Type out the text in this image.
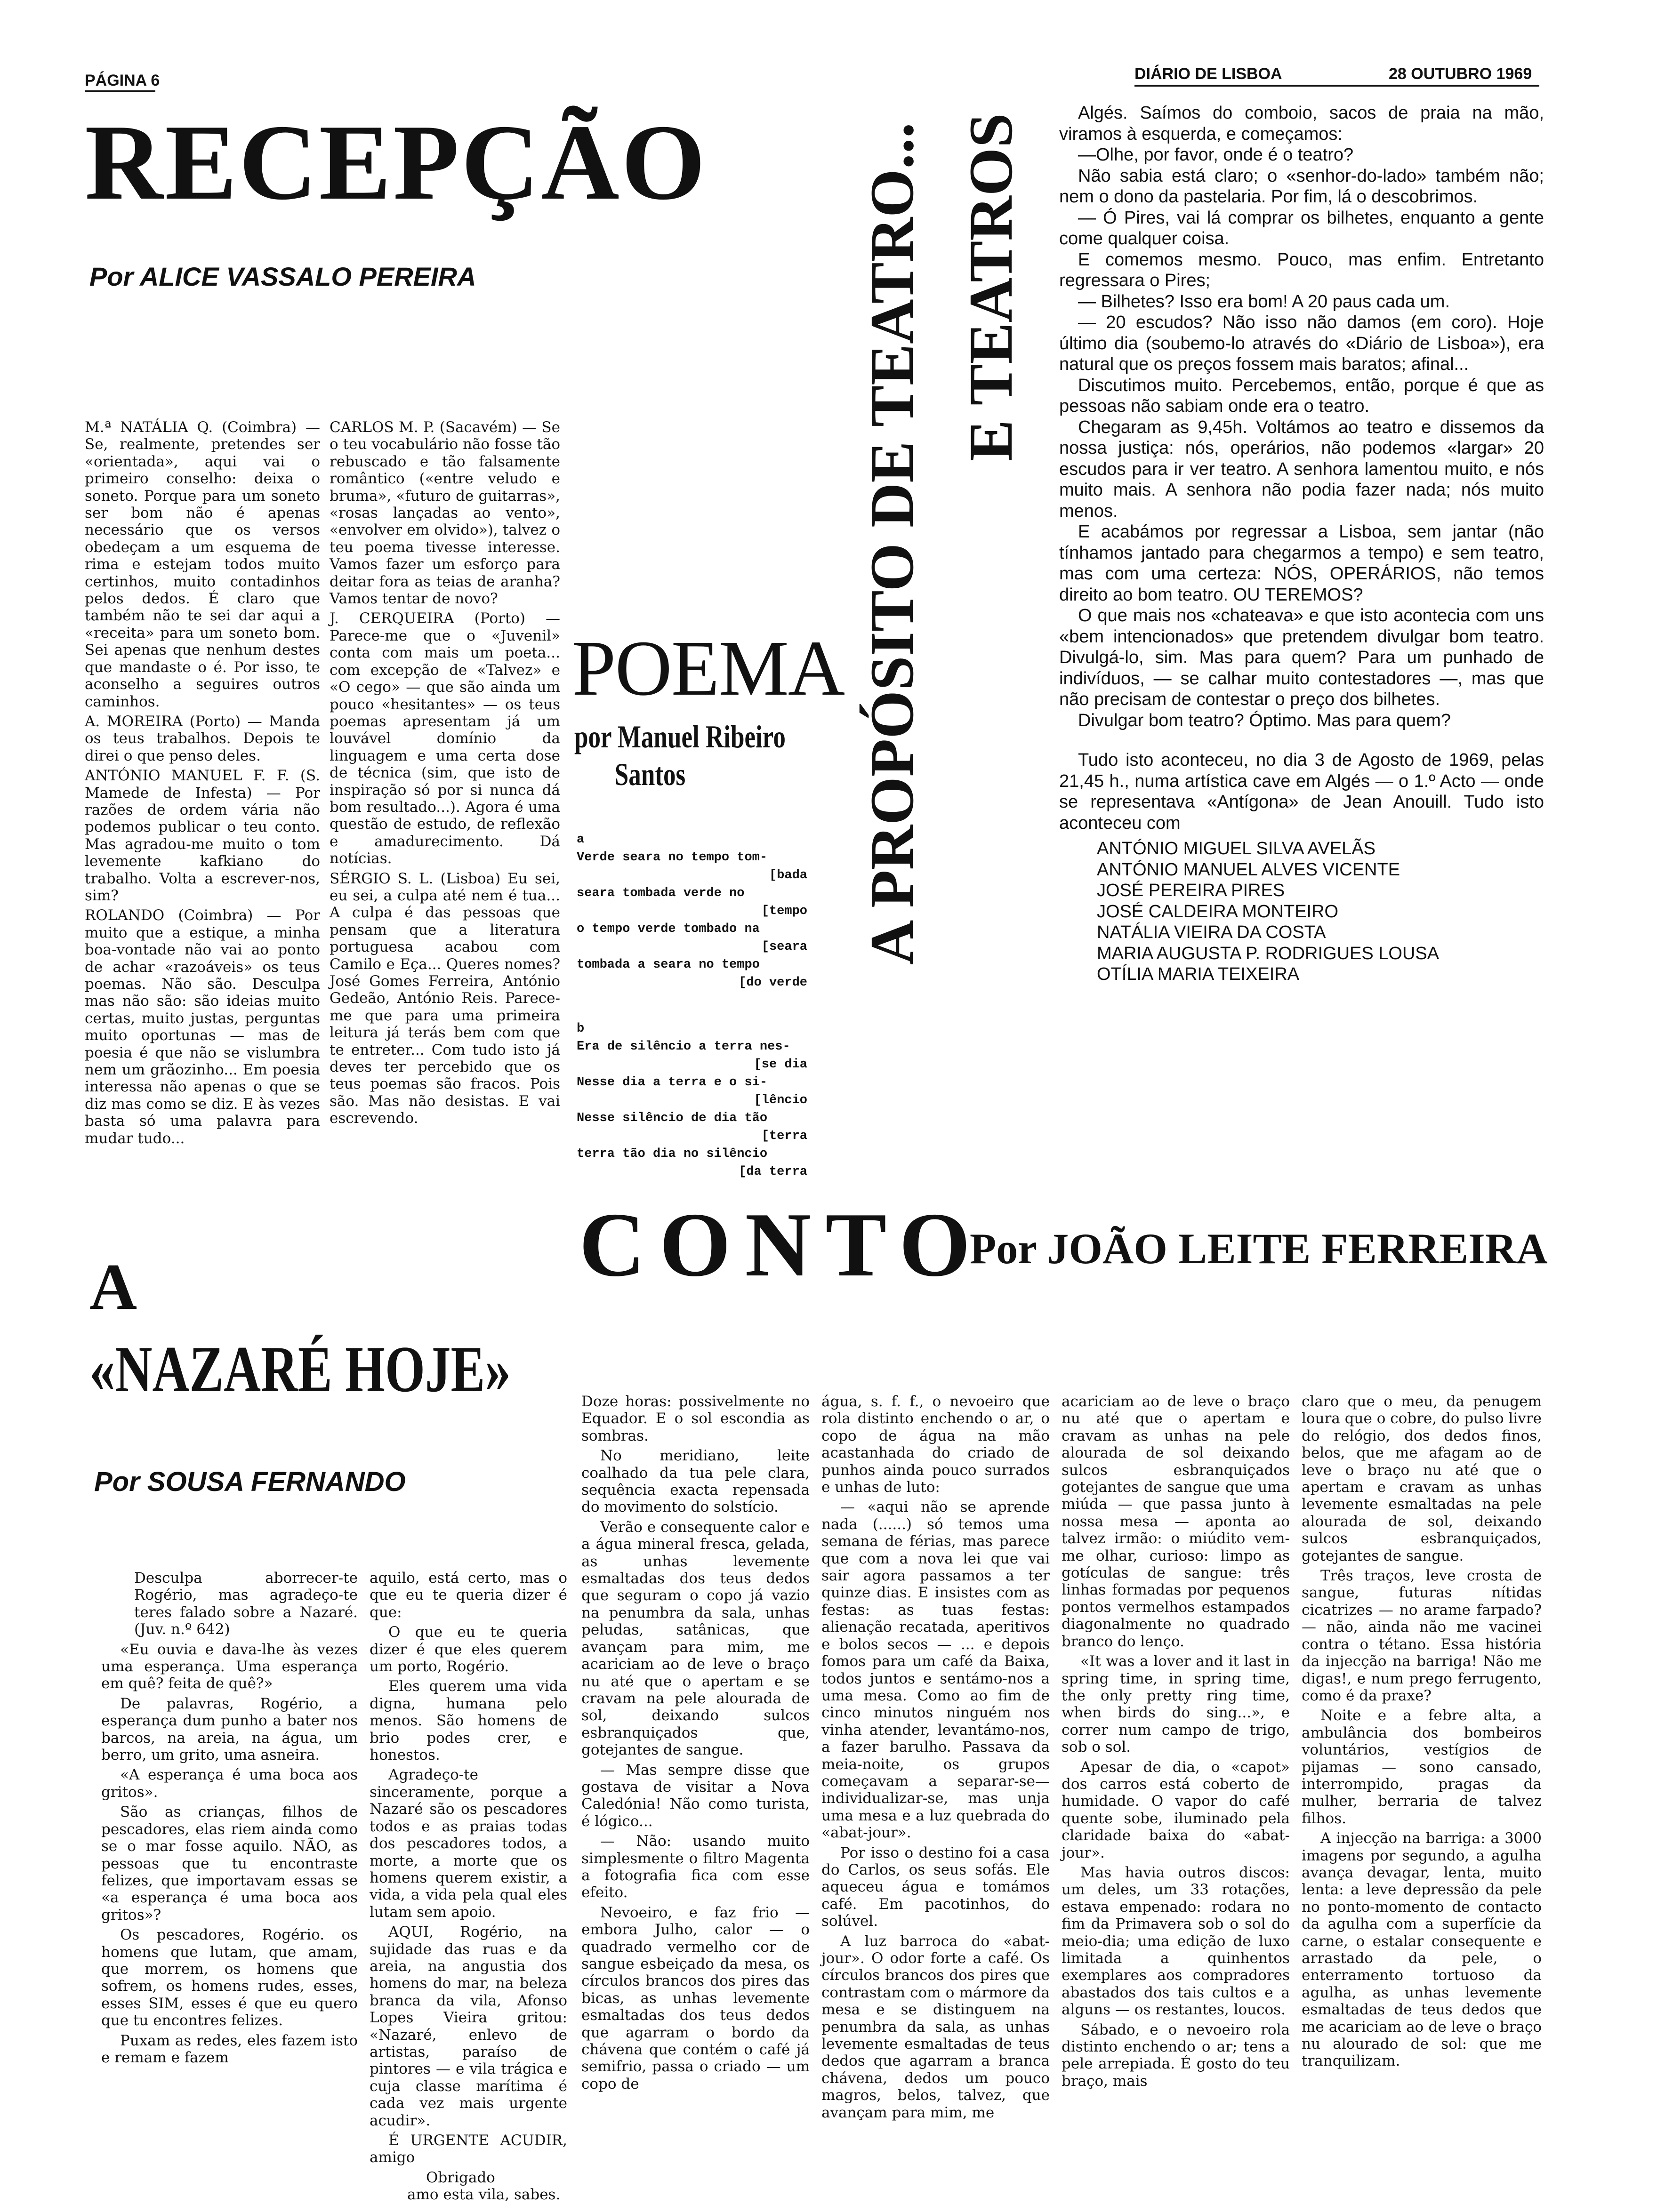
PÁGINA 6	DIÁRIO DE LISBOA	28 OUTUBRO 1969
RECEPÇÃO
Por ALICE VASSALO PEREIRA

M.ª NATÁLIA Q. (Coimbra) — Se, realmente, pretendes ser «orientada», aqui vai o primeiro conselho: deixa o soneto. Porque para um soneto ser bom não é apenas necessário que os versos obedeçam a um esquema de rima e estejam todos muito certinhos, muito contadinhos pelos dedos. É claro que também não te sei dar aqui a «receita» para um soneto bom. Sei apenas que nenhum destes que mandaste o é. Por isso, te aconselho a seguires outros caminhos.

A. MOREIRA (Porto) — Manda os teus trabalhos. Depois te direi o que penso deles.

ANTÓNIO MANUEL F. F. (S. Mamede de Infesta) — Por razões de ordem vária não podemos publicar o teu conto. Mas agradou-me muito o tom levemente kafkiano do trabalho. Volta a escrever-nos, sim?

ROLANDO (Coimbra) — Por muito que a estique, a minha boa-vontade não vai ao ponto de achar «razoáveis» os teus poemas. Não são. Desculpa mas não são: são ideias muito certas, muito justas, perguntas muito oportunas — mas de poesia é que não se vislumbra nem um grãozinho... Em poesia interessa não apenas o que se diz mas como se diz. E às vezes basta só uma palavra para mudar tudo...

CARLOS M. P. (Sacavém) — Se o teu vocabulário não fosse tão rebuscado e tão falsamente romântico («entre veludo e bruma», «futuro de guitarras», «rosas lançadas ao vento», «envolver em olvido»), talvez o teu poema tivesse interesse. Vamos fazer um esforço para deitar fora as teias de aranha? Vamos tentar de novo?

J. CERQUEIRA (Porto) — Parece-me que o «Juvenil» conta com mais um poeta... com excepção de «Talvez» e «O cego» — que são ainda um pouco «hesitantes» — os teus poemas apresentam já um louvável domínio da linguagem e uma certa dose de técnica (sim, que isto de inspiração só por si nunca dá bom resultado...). Agora é uma questão de estudo, de reflexão e amadurecimento. Dá notícias.

SÉRGIO S. L. (Lisboa) Eu sei, eu sei, a culpa até nem é tua... A culpa é das pessoas que pensam que a literatura portuguesa acabou com Camilo e Eça... Queres nomes? José Gomes Ferreira, António Gedeão, António Reis. Parece-me que para uma primeira leitura já terás bem com que te entreter... Com tudo isto já deves ter percebido que os teus poemas são fracos. Pois são. Mas não desistas. E vai escrevendo.

POEMA
por Manuel Ribeiro
Santos

a

Verde seara no tempo tom-

[bada

seara tombada verde no

[tempo

o tempo verde tombado na

[seara

tombada a seara no tempo

[do verde

b

Era de silêncio a terra nes-

[se dia

Nesse dia a terra e o si-

[lêncio

Nesse silêncio de dia tão

[terra

terra tão dia no silêncio

[da terra

A PROPÓSITO DE TEATRO... E TEATROS	Algés. Saímos do comboio, sacos de praia na mão, viramos à esquerda, e começamos:

—Olhe, por favor, onde é o teatro?

Não sabia está claro; o «senhor-do-lado» também não; nem o dono da pastelaria. Por fim, lá o descobrimos.

— Ó Pires, vai lá comprar os bilhetes, enquanto a gente come qualquer coisa.

E comemos mesmo. Pouco, mas enfim. Entretanto regressara o Pires;

— Bilhetes? Isso era bom! A 20 paus cada um.

— 20 escudos? Não isso não damos (em coro). Hoje último dia (soubemo-lo através do «Diário de Lisboa»), era natural que os preços fossem mais baratos; afinal...

Discutimos muito. Percebemos, então, porque é que as pessoas não sabiam onde era o teatro.

Chegaram as 9,45h. Voltámos ao teatro e dissemos da nossa justiça: nós, operários, não podemos «largar» 20 escudos para ir ver teatro. A senhora lamentou muito, e nós muito mais. A senhora não podia fazer nada; nós muito menos.

E acabámos por regressar a Lisboa, sem jantar (não tínhamos jantado para chegarmos a tempo) e sem teatro, mas com uma certeza: NÓS, OPERÁRIOS, não temos direito ao bom teatro. OU TEREMOS?

O que mais nos «chateava» e que isto acontecia com uns «bem intencionados» que pretendem divulgar bom teatro. Divulgá-lo, sim. Mas para quem? Para um punhado de indivíduos, — se calhar muito contestadores —, mas que não precisam de contestar o preço dos bilhetes.

Divulgar bom teatro? Óptimo. Mas para quem?

Tudo isto aconteceu, no dia 3 de Agosto de 1969, pelas 21,45 h., numa artística cave em Algés — o 1.º Acto — onde se representava «Antígona» de Jean Anouill. Tudo isto aconteceu com

ANTÓNIO MIGUEL SILVA AVELÃS
ANTÓNIO MANUEL ALVES VICENTE
JOSÉ PEREIRA PIRES
JOSÉ CALDEIRA MONTEIRO
NATÁLIA VIEIRA DA COSTA
MARIA AUGUSTA P. RODRIGUES LOUSA
OTÍLIA MARIA TEIXEIRA
CONTO
Por JOÃO LEITE FERREIRA
A
«NAZARÉ HOJE»
Por SOUSA FERNANDO

Desculpa aborrecer-te Rogério, mas agradeço-te teres falado sobre a Nazaré. (Juv. n.º 642)

«Eu ouvia e dava-lhe às vezes uma esperança. Uma esperança em quê? feita de quê?»

De palavras, Rogério, a esperança dum punho a bater nos barcos, na areia, na água, um berro, um grito, uma asneira.

«A esperança é uma boca aos gritos».

São as crianças, filhos de pescadores, elas riem ainda como se o mar fosse aquilo. NÃO, as pessoas que tu encontraste felizes, que importavam essas se «a esperança é uma boca aos gritos»?

Os pescadores, Rogério. os homens que lutam, que amam, que morrem, os homens que sofrem, os homens rudes, esses, esses SIM, esses é que eu quero que tu encontres felizes.

Puxam as redes, eles fazem isto e remam e fazem

aquilo, está certo, mas o que eu te queria dizer é que:

O que eu te queria dizer é que eles querem um porto, Rogério.

Eles querem uma vida digna, humana pelo menos. São homens de brio podes crer, e honestos.

Agradeço-te sinceramente, porque a Nazaré são os pescadores todos e as praias todas dos pescadores todos, a morte, a morte que os homens querem existir, a vida, a vida pela qual eles lutam sem apoio.

AQUI, Rogério, na sujidade das ruas e da areia, na angustia dos homens do mar, na beleza branca da vila, Afonso Lopes Vieira gritou: «Nazaré, enlevo de artistas, paraíso de pintores — e vila trágica e cuja classe marítima é cada vez mais urgente acudir».

É URGENTE ACUDIR, amigo

Obrigado

amo esta vila, sabes.

Doze horas: possivelmente no Equador. E o sol escondia as sombras.

No meridiano, leite coalhado da tua pele clara, sequência exacta repensada do movimento do solstício.

Verão e consequente calor e a água mineral fresca, gelada, as unhas levemente esmaltadas dos teus dedos que seguram o copo já vazio na penumbra da sala, unhas peludas, satânicas, que avançam para mim, me acariciam ao de leve o braço nu até que o apertam e se cravam na pele alourada de sol, deixando sulcos esbranquiçados que, gotejantes de sangue.

— Mas sempre disse que gostava de visitar a Nova Caledónia! Não como turista, é lógico...

— Não: usando muito simplesmente o filtro Magenta a fotografia fica com esse efeito.

Nevoeiro, e faz frio — embora Julho, calor — o quadrado vermelho cor de sangue esbeiçado da mesa, os círculos brancos dos pires das bicas, as unhas levemente esmaltadas dos teus dedos que agarram o bordo da chávena que contém o café já semifrio, passa o criado — um copo de

água, s. f. f., o nevoeiro que rola distinto enchendo o ar, o copo de água na mão acastanhada do criado de punhos ainda pouco surrados e unhas de luto:

— «aqui não se aprende nada (......) só temos uma semana de férias, mas parece que com a nova lei que vai sair agora passamos a ter quinze dias. E insistes com as festas: as tuas festas: alienação recatada, aperitivos e bolos secos — ... e depois fomos para um café da Baixa, todos juntos e sentámo-nos a uma mesa. Como ao fim de cinco minutos ninguém nos vinha atender, levantámo-nos, a fazer barulho. Passava da meia-noite, os grupos começavam a separar-se—individualizar-se, mas unja uma mesa e a luz quebrada do «abat-jour».

Por isso o destino foi a casa do Carlos, os seus sofás. Ele aqueceu água e tomámos café. Em pacotinhos, do solúvel.

A luz barroca do «abat-jour». O odor forte a café. Os círculos brancos dos pires que contrastam com o mármore da mesa e se distinguem na penumbra da sala, as unhas levemente esmaltadas de teus dedos que agarram a branca chávena, dedos um pouco magros, belos, talvez, que avançam para mim, me

acariciam ao de leve o braço nu até que o apertam e cravam as unhas na pele alourada de sol deixando sulcos esbranquiçados gotejantes de sangue que uma miúda — que passa junto à nossa mesa — aponta ao talvez irmão: o miúdito vem-me olhar, curioso: limpo as gotículas de sangue: três linhas formadas por pequenos pontos vermelhos estampados diagonalmente no quadrado branco do lenço.

«It was a lover and it last in spring time, in spring time, the only pretty ring time, when birds do sing...», e correr num campo de trigo, sob o sol.

Apesar de dia, o «capot» dos carros está coberto de humidade. O vapor do café quente sobe, iluminado pela claridade baixa do «abat-jour».

Mas havia outros discos: um deles, um 33 rotações, estava empenado: rodara no fim da Primavera sob o sol do meio-dia; uma edição de luxo limitada a quinhentos exemplares aos compradores abastados dos tais cultos e a alguns — os restantes, loucos.

Sábado, e o nevoeiro rola distinto enchendo o ar; tens a pele arrepiada. É gosto do teu braço, mais

claro que o meu, da penugem loura que o cobre, do pulso livre do relógio, dos dedos finos, belos, que me afagam ao de leve o braço nu até que o apertam e cravam as unhas levemente esmaltadas na pele alourada de sol, deixando sulcos esbranquiçados, gotejantes de sangue.

Três traços, leve crosta de sangue, futuras nítidas cicatrizes — no arame farpado? — não, ainda não me vacinei contra o tétano. Essa história da injecção na barriga! Não me digas!, e num prego ferrugento, como é da praxe?

Noite e a febre alta, a ambulância dos bombeiros voluntários, vestígios de pijamas — sono cansado, interrompido, pragas da mulher, berraria de talvez filhos.

A injecção na barriga: a 3000 imagens por segundo, a agulha avança devagar, lenta, muito lenta: a leve depressão da pele no ponto-momento de contacto da agulha com a superfície da carne, o estalar consequente e arrastado da pele, o enterramento tortuoso da agulha, as unhas levemente esmaltadas de teus dedos que me acariciam ao de leve o braço nu alourado de sol: que me tranquilizam.
